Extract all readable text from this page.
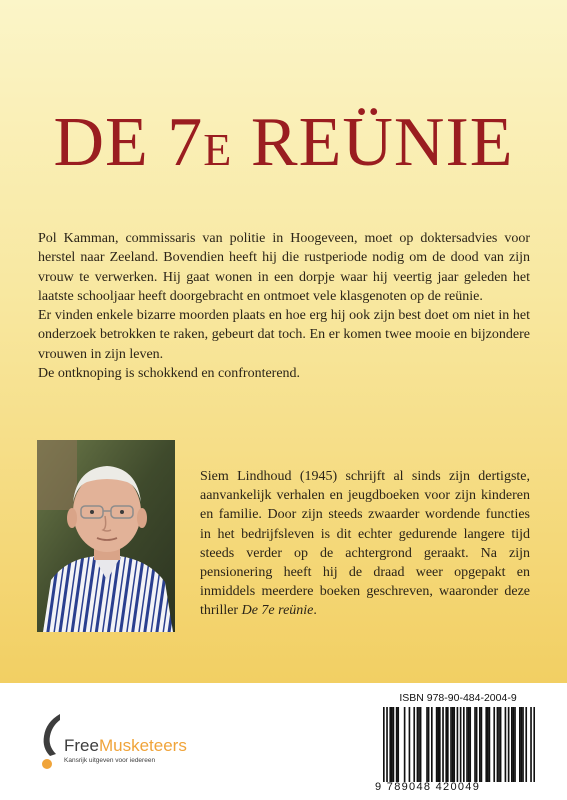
DE 7E REÜNIE

Pol Kamman, commissaris van politie in Hoogeveen, moet op doktersadvies voor herstel naar Zeeland. Bovendien heeft hij die rustperiode nodig om de dood van zijn vrouw te verwerken. Hij gaat wonen in een dorpje waar hij veertig jaar geleden het laatste schooljaar heeft doorgebracht en ontmoet vele klasgenoten op de reünie.

Er vinden enkele bizarre moorden plaats en hoe erg hij ook zijn best doet om niet in het onderzoek betrokken te raken, gebeurt dat toch. En er komen twee mooie en bijzondere vrouwen in zijn leven.

De ontknoping is schokkend en confronterend.

Siem Lindhoud (1945) schrijft al sinds zijn dertigste, aanvankelijk verhalen en jeugdboeken voor zijn kinderen en familie. Door zijn steeds zwaarder wordende functies in het bedrijfsleven is dit echter gedurende langere tijd steeds verder op de achtergrond geraakt. Na zijn pensionering heeft hij de draad weer opgepakt en inmiddels meerdere boeken geschreven, waaronder deze thriller De 7e reünie.

FreeMusketeers
Kansrijk uitgeven voor iedereen
ISBN 978-90-484-2004-9
9 789048 420049
